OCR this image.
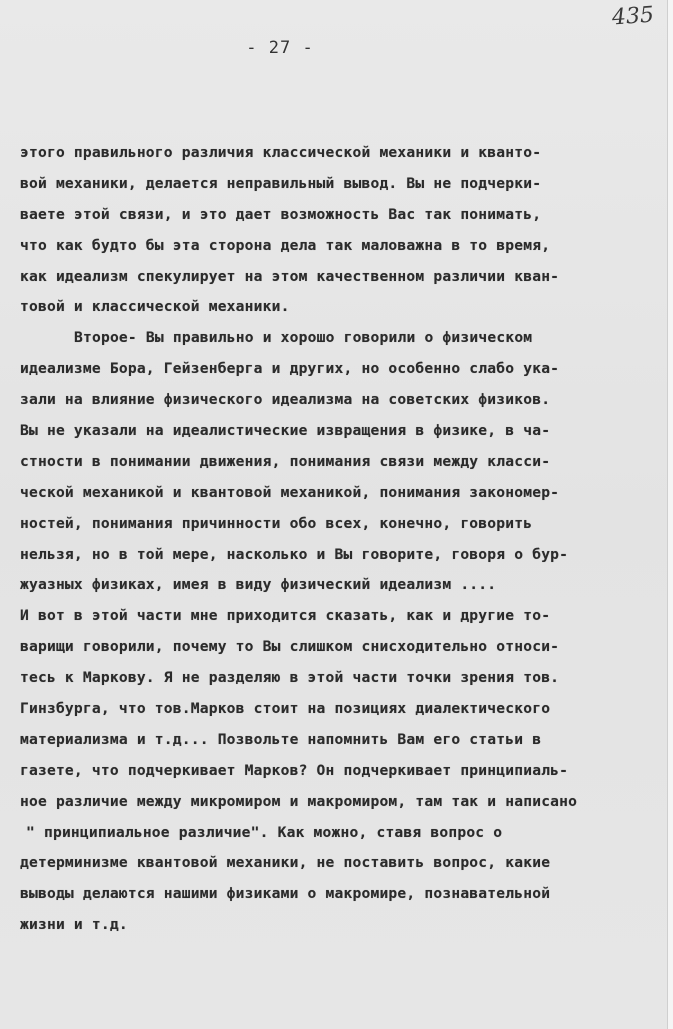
- 27 -
435
этого правильного различия классической механики и кванто-
вой механики, делается неправильный вывод. Вы не подчерки-
ваете этой связи, и это дает возможность Вас так понимать,
что как будто бы эта сторона дела так маловажна в то время,
как идеализм спекулирует на этом качественном различии кван-
товой и классической механики.
Второе- Вы правильно и хорошо говорили о физическом
идеализме Бора, Гейзенберга и других, но особенно слабо ука-
зали на влияние физического идеализма на советских физиков.
Вы не указали на идеалистические извращения в физике, в ча-
стности в понимании движения, понимания связи между класси-
ческой механикой и квантовой механикой, понимания закономер-
ностей, понимания причинности обо всех, конечно, говорить
нельзя, но в той мере, насколько и Вы говорите, говоря о бур-
жуазных физиках, имея в виду физический идеализм ....
И вот в этой части мне приходится сказать, как и другие то-
варищи говорили, почему то Вы слишком снисходительно относи-
тесь к Маркову. Я не разделяю в этой части точки зрения тов.
Гинзбурга, что тов.Марков стоит на позициях диалектического
материализма и т.д... Позвольте напомнить Вам его статьи в
газете, что подчеркивает Марков? Он подчеркивает принципиаль-
ное различие между микромиром и макромиром, там так и написано
" принципиальное различие". Как можно, ставя вопрос о
детерминизме квантовой механики, не поставить вопрос, какие
выводы делаются нашими физиками о макромире, познавательной
жизни и т.д.
